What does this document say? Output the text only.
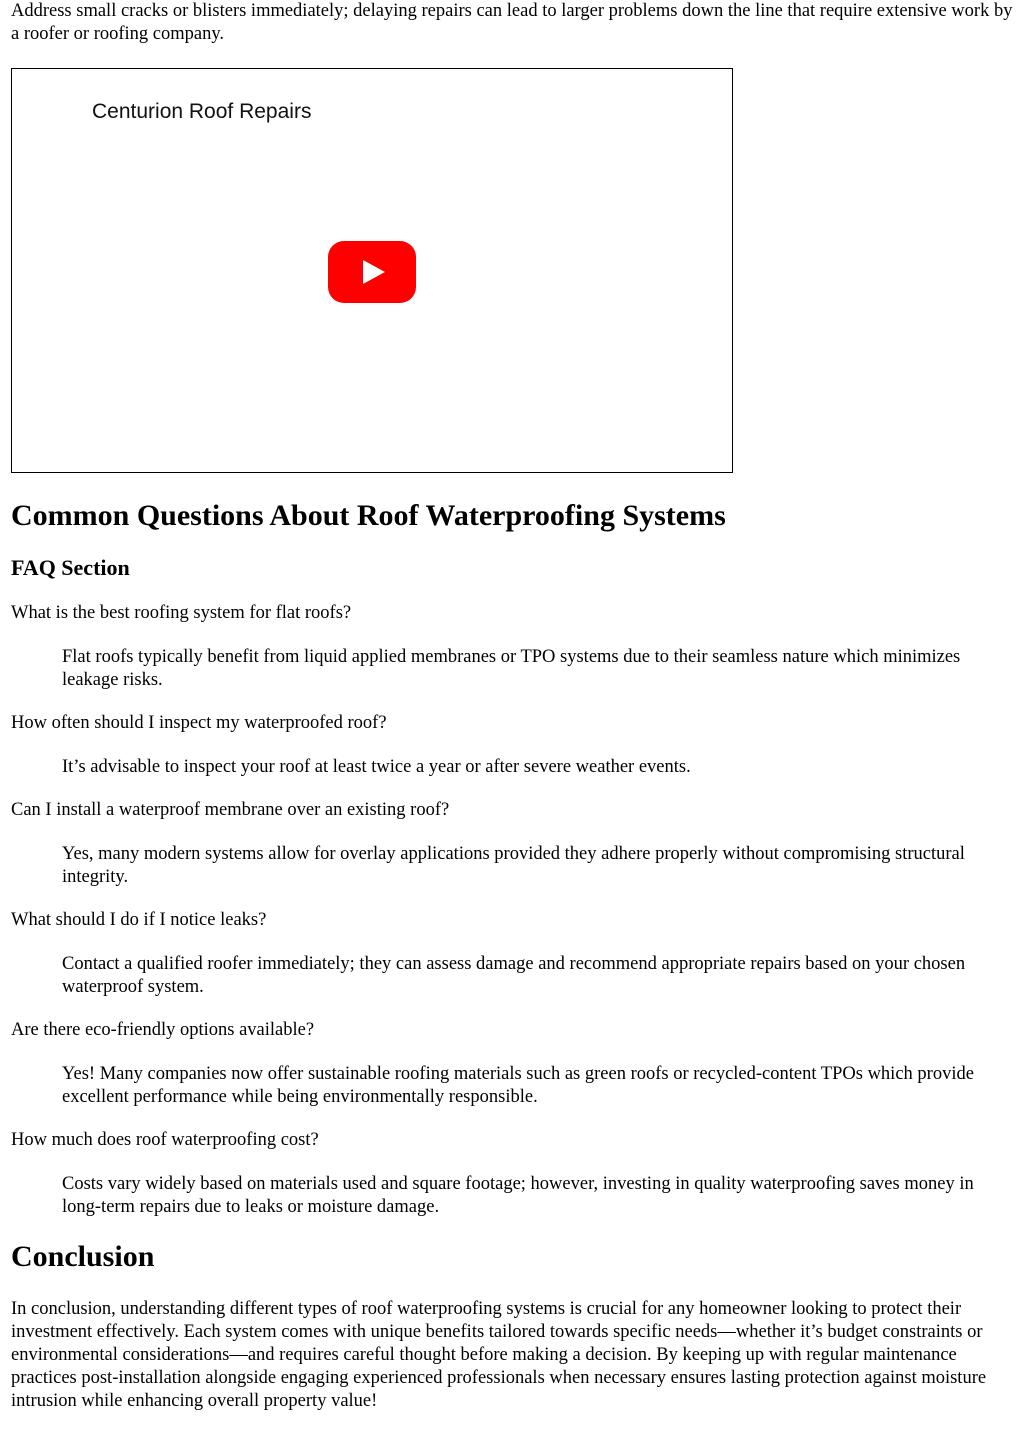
Address small cracks or blisters immediately; delaying repairs can lead to larger problems down the line that require extensive work by a roofer or roofing company.

Centurion Roof Repairs
Common Questions About Roof Waterproofing Systems
FAQ Section

What is the best roofing system for flat roofs?

Flat roofs typically benefit from liquid applied membranes or TPO systems due to their seamless nature which minimizes leakage risks.

How often should I inspect my waterproofed roof?

It’s advisable to inspect your roof at least twice a year or after severe weather events.

Can I install a waterproof membrane over an existing roof?

Yes, many modern systems allow for overlay applications provided they adhere properly without compromising structural integrity.

What should I do if I notice leaks?

Contact a qualified roofer immediately; they can assess damage and recommend appropriate repairs based on your chosen waterproof system.

Are there eco-friendly options available?

Yes! Many companies now offer sustainable roofing materials such as green roofs or recycled-content TPOs which provide excellent performance while being environmentally responsible.

How much does roof waterproofing cost?

Costs vary widely based on materials used and square footage; however, investing in quality waterproofing saves money in long-term repairs due to leaks or moisture damage.

Conclusion

In conclusion, understanding different types of roof waterproofing systems is crucial for any homeowner looking to protect their investment effectively. Each system comes with unique benefits tailored towards specific needs—whether it’s budget constraints or environmental considerations—and requires careful thought before making a decision. By keeping up with regular maintenance practices post-installation alongside engaging experienced professionals when necessary ensures lasting protection against moisture intrusion while enhancing overall property value!
